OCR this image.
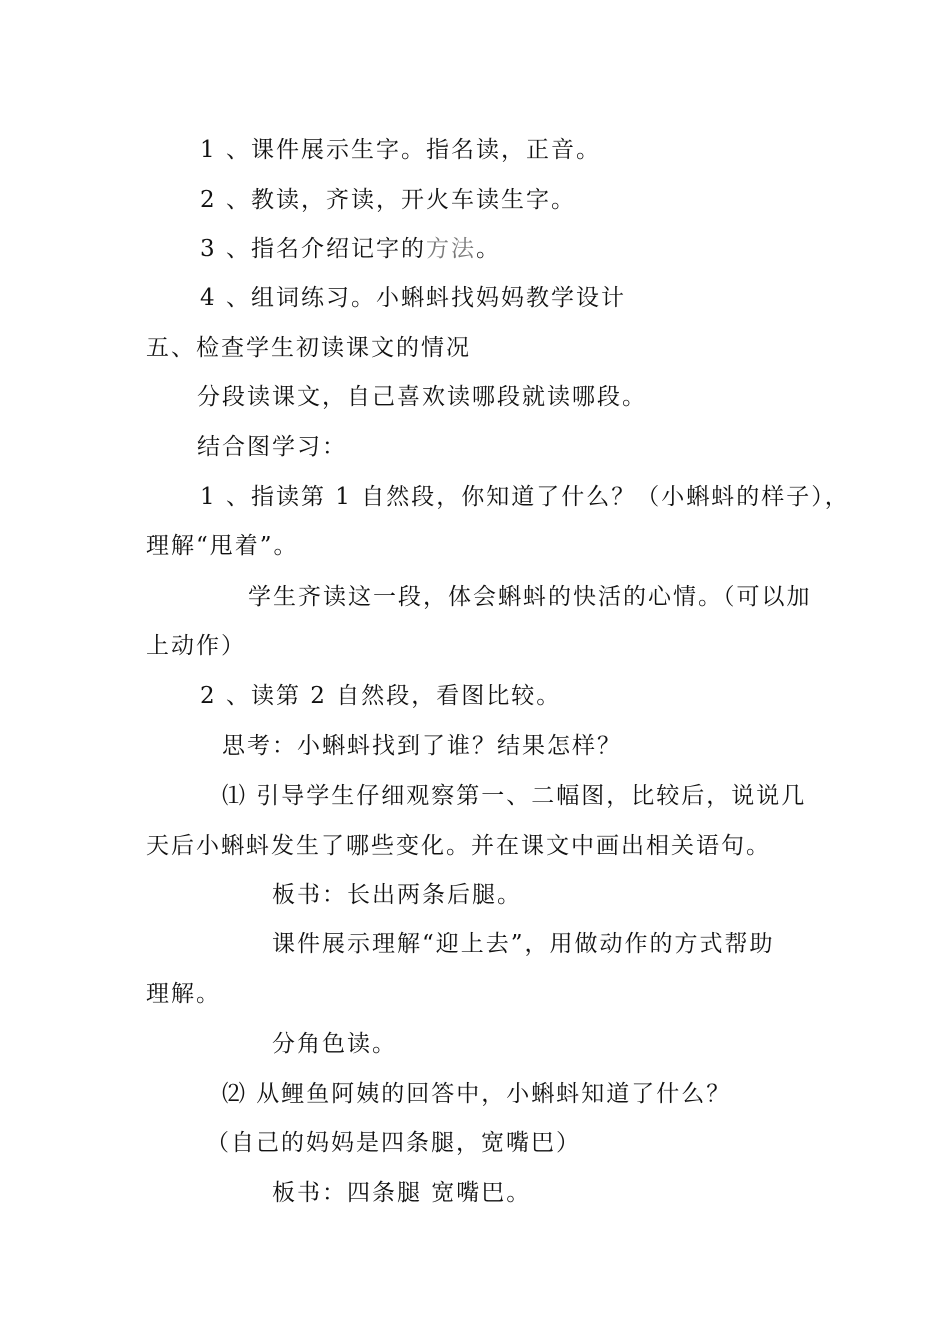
1 、课件展示生字。指名读，正音。
2 、教读，齐读，开火车读生字。
3 、指名介绍记字的方法。
4 、组词练习。小蝌蚪找妈妈教学设计
五、检查学生初读课文的情况
分段读课文，自己喜欢读哪段就读哪段。
结合图学习：
1 、指读第 1 自然段，你知道了什么？（小蝌蚪的样子），
理解“甩着”。
学生齐读这一段，体会蝌蚪的快活的心情。（可以加
上动作）
2 、读第 2 自然段，看图比较。
思考：小蝌蚪找到了谁？结果怎样？
⑴ 引导学生仔细观察第一、二幅图，比较后，说说几
天后小蝌蚪发生了哪些变化。并在课文中画出相关语句。
板书：长出两条后腿。
课件展示理解“迎上去”，用做动作的方式帮助
理解。
分角色读。
⑵ 从鲤鱼阿姨的回答中，小蝌蚪知道了什么？
（自己的妈妈是四条腿，宽嘴巴）
板书：四条腿 宽嘴巴。
